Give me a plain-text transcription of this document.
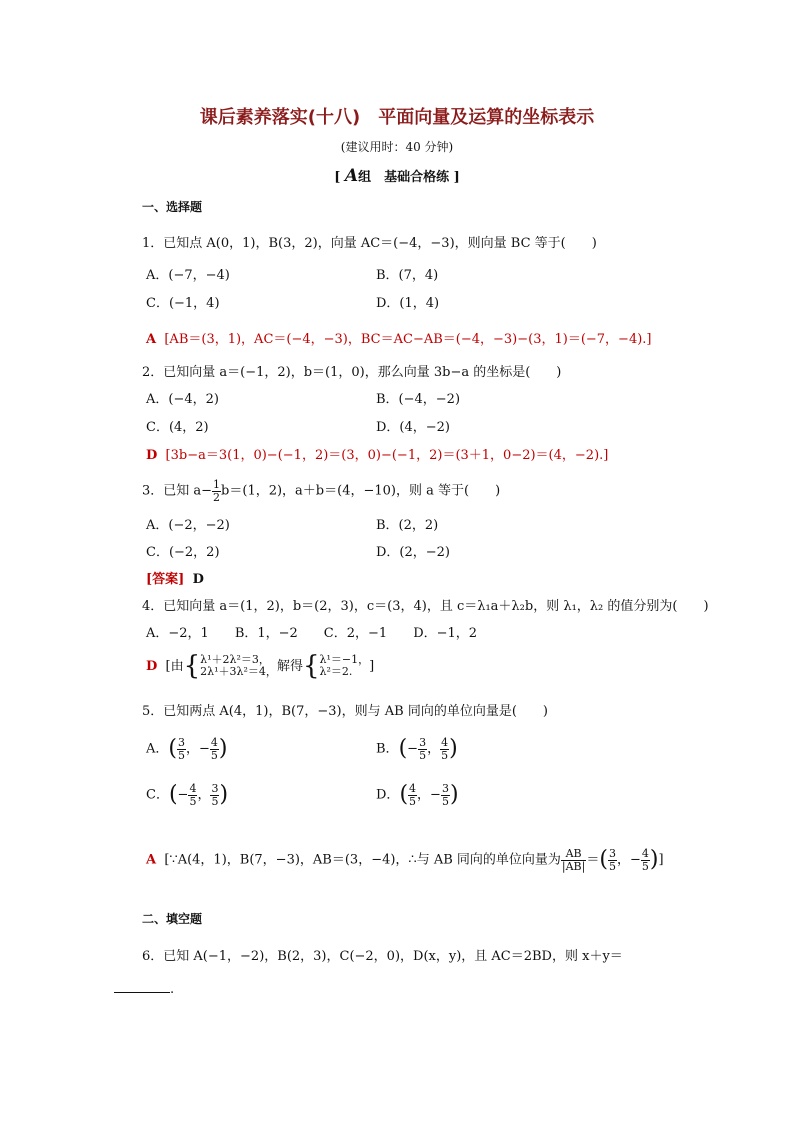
课后素养落实(十八)　平面向量及运算的坐标表示
(建议用时：40 分钟)
[ A组　基础合格练 ]
一、选择题
1．已知点 A(0，1)，B(3，2)，向量 AC＝(−4，−3)，则向量 BC 等于(　　)
A．(−7，−4)	B．(7，4)
C．(−1，4)	D．(1，4)
A [AB＝(3，1)，AC＝(−4，−3)，BC＝AC−AB＝(−4，−3)−(3，1)＝(−7，−4).]
2．已知向量 a＝(−1，2)，b＝(1，0)，那么向量 3b−a 的坐标是(　　)
A．(−4，2)	B．(−4，−2)
C．(4，2)	D．(4，−2)
D [3b−a＝3(1，0)−(−1，2)＝(3，0)−(−1，2)＝(3＋1，0−2)＝(4，−2).]
3．已知 $a- \frac{1}{2} b=(1$，2)，a＋b＝(4，−10)，则 a 等于(　　)
A．(−2，−2)	B．(2，2)
C．(−2，2)	D．(2，−2)
[答案] D
4．已知向量 a＝(1，2)，b＝(2，3)，c＝(3，4)，且 c＝λ₁a＋λ₂b，则 λ₁，λ₂ 的值分别为(　　)
A．−2，1　　B．1，−2　　C．2，−1　　D．−1，2
D [由{ λ¹＋2λ²＝3，
2λ¹＋3λ²＝4， 解得{ λ¹＝−1，
λ²＝2.	]
5．已知两点 A(4，1)，B(7，−3)，则与 AB 同向的单位向量是(　　)
A．( $\frac{3}{5}$ ，− $\frac{4}{5}$ )	B．(− $\frac{3}{5}$ ， $\frac{4}{5}$ )
C．(− $\frac{4}{5}$ ， $\frac{3}{5}$ )	D．( $\frac{4}{5}$ ，− $\frac{3}{5}$ )
A [∵A(4，1)，B(7，−3)，AB＝(3，−4)，∴与 AB 同向的单位向量为 $\frac{AB}{|AB|}$ ＝( $\frac{3}{5}$ ，− $\frac{4}{5}$ )]
二、填空题
6．已知 A(−1，−2)，B(2，3)，C(−2，0)，D(x，y)，且 AC＝2BD，则 x＋y＝
.
